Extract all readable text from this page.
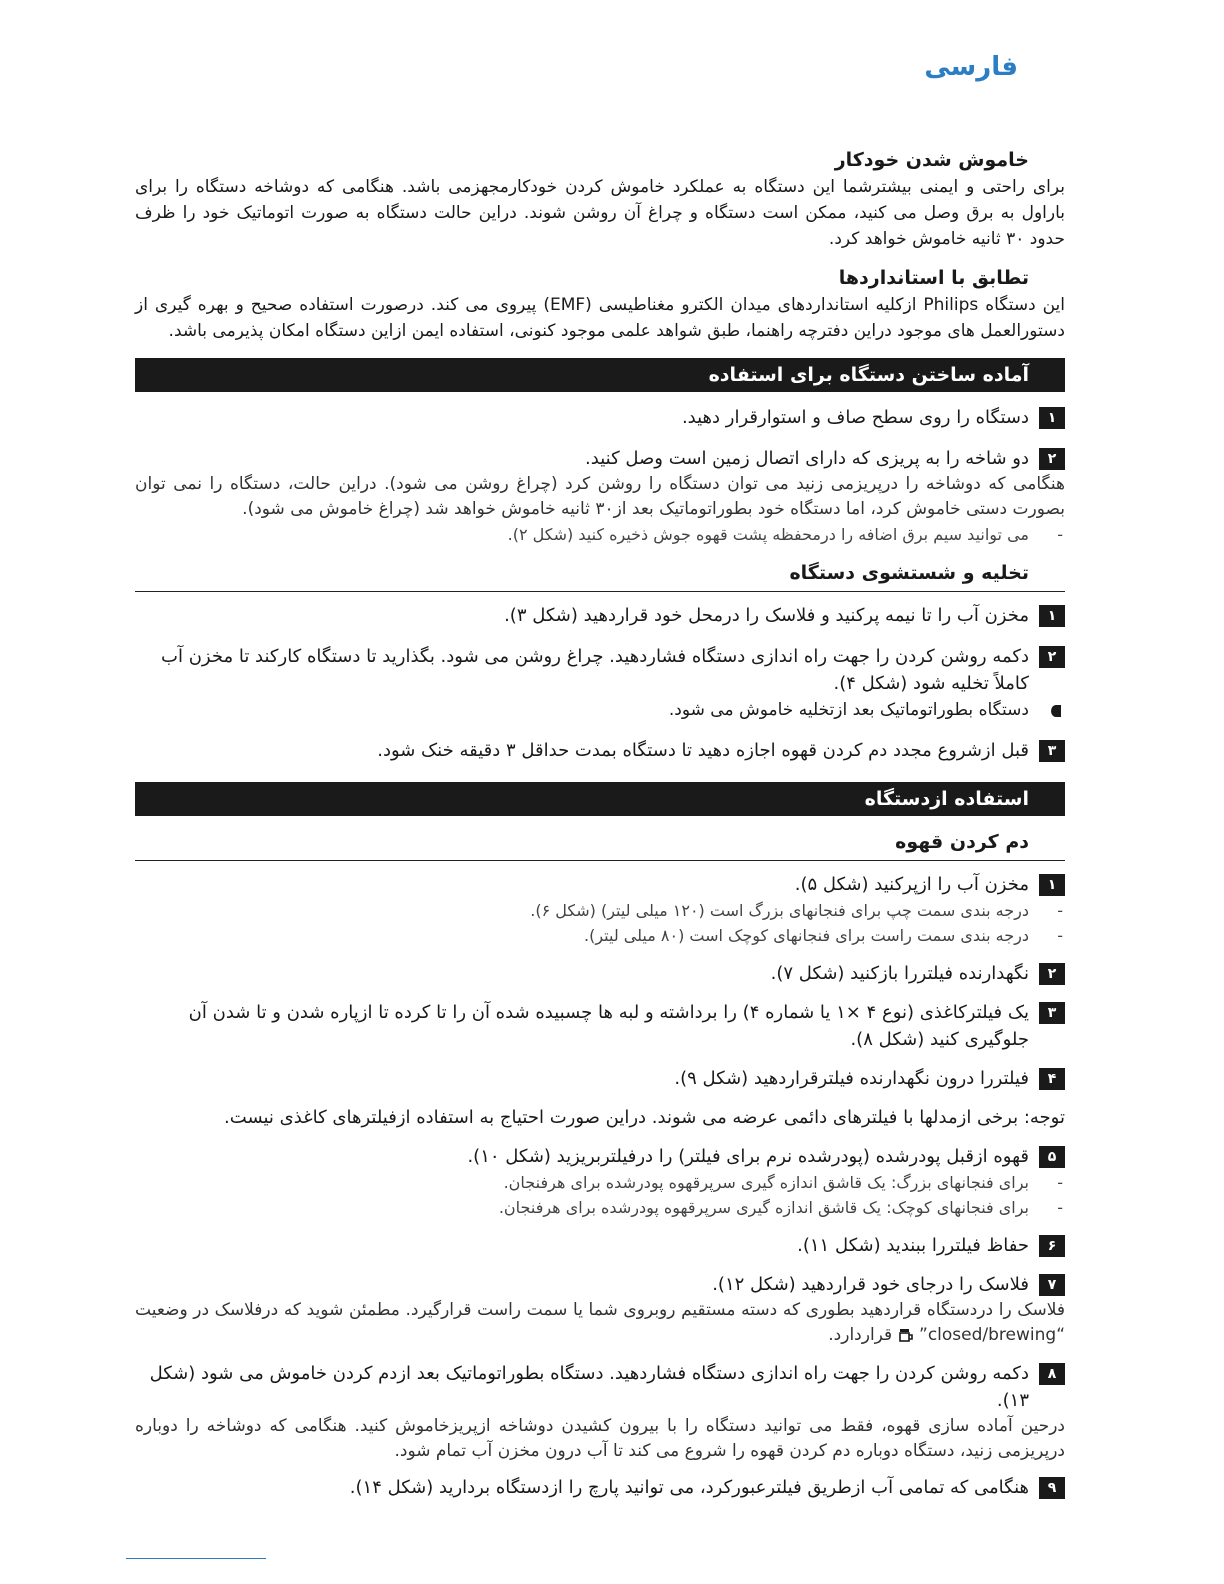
فارسی
خاموش شدن خودکار
برای راحتی و ایمنی بیشترشما این دستگاه به عملکرد خاموش کردن خودکارمجهزمی باشد. هنگامی که دوشاخه دستگاه را برای باراول به برق وصل می کنید، ممکن است دستگاه و چراغ آن روشن شوند. دراین حالت دستگاه به صورت اتوماتیک خود را ظرف حدود ۳۰ ثانیه خاموش خواهد کرد.
تطابق با استانداردها
این دستگاه Philips ازکلیه استانداردهای میدان الکترو مغناطیسی (EMF) پیروی می کند. درصورت استفاده صحیح و بهره گیری از دستورالعمل های موجود دراین دفترچه راهنما، طبق شواهد علمی موجود کنونی، استفاده ایمن ازاین دستگاه امکان پذیرمی باشد.
آماده ساختن دستگاه برای استفاده
۱
دستگاه را روی سطح صاف و استوارقرار دهید.
۲
دو شاخه را به پریزی که دارای اتصال زمین است وصل کنید.
هنگامی که دوشاخه را درپریزمی زنید می توان دستگاه را روشن کرد (چراغ روشن می شود). دراین حالت، دستگاه را نمی توان بصورت دستی خاموش کرد، اما دستگاه خود بطوراتوماتیک بعد از۳۰ ثانیه خاموش خواهد شد (چراغ خاموش می شود).
-
می توانید سیم برق اضافه را درمحفظه پشت قهوه جوش ذخیره کنید (شکل ۲).
تخلیه و شستشوی دستگاه
۱
مخزن آب را تا نیمه پرکنید و فلاسک را درمحل خود قراردهید (شکل ۳).
۲
دکمه روشن کردن را جهت راه اندازی دستگاه فشاردهید. چراغ روشن می شود. بگذارید تا دستگاه کارکند تا مخزن آب کاملاً تخلیه شود (شکل ۴).
دستگاه بطوراتوماتیک بعد ازتخلیه خاموش می شود.
۳
قبل ازشروع مجدد دم کردن قهوه اجازه دهید تا دستگاه بمدت حداقل ۳ دقیقه خنک شود.
استفاده ازدستگاه
دم کردن قهوه
۱
مخزن آب را ازپرکنید (شکل ۵).
-
درجه بندی سمت چپ برای فنجانهای بزرگ است (۱۲۰ میلی لیتر) (شکل ۶).
-
درجه بندی سمت راست برای فنجانهای کوچک است (۸۰ میلی لیتر).
۲
نگهدارنده فیلتررا بازکنید (شکل ۷).
۳
یک فیلترکاغذی (نوع ۴ ×۱ یا شماره ۴) را برداشته و لبه ها چسبیده شده آن را تا کرده تا ازپاره شدن و تا شدن آن جلوگیری کنید (شکل ۸).
۴
فیلتررا درون نگهدارنده فیلترقراردهید (شکل ۹).
توجه: برخی ازمدلها با فیلترهای دائمی عرضه می شوند. دراین صورت احتیاج به استفاده ازفیلترهای کاغذی نیست.
۵
قهوه ازقبل پودرشده (پودرشده نرم برای فیلتر) را درفیلتربریزید (شکل ۱۰).
-
برای فنجانهای بزرگ: یک قاشق اندازه گیری سرپرقهوه پودرشده برای هرفنجان.
-
برای فنجانهای کوچک: یک قاشق اندازه گیری سرپرقهوه پودرشده برای هرفنجان.
۶
حفاظ فیلتررا ببندید (شکل ۱۱).
۷
فلاسک را درجای خود قراردهید (شکل ۱۲).
فلاسک را دردستگاه قراردهید بطوری که دسته مستقیم روبروی شما یا سمت راست قرارگیرد. مطمئن شوید که درفلاسک در وضعیت “closed/brewing”  قراردارد.
۸
دکمه روشن کردن را جهت راه اندازی دستگاه فشاردهید. دستگاه بطوراتوماتیک بعد ازدم کردن خاموش می شود (شکل ۱۳).
درحین آماده سازی قهوه، فقط می توانید دستگاه را با بیرون کشیدن دوشاخه ازپریزخاموش کنید. هنگامی که دوشاخه را دوباره درپریزمی زنید، دستگاه دوباره دم کردن قهوه را شروع می کند تا آب درون مخزن آب تمام شود.
۹
هنگامی که تمامی آب ازطریق فیلترعبورکرد، می توانید پارچ را ازدستگاه بردارید (شکل ۱۴).
